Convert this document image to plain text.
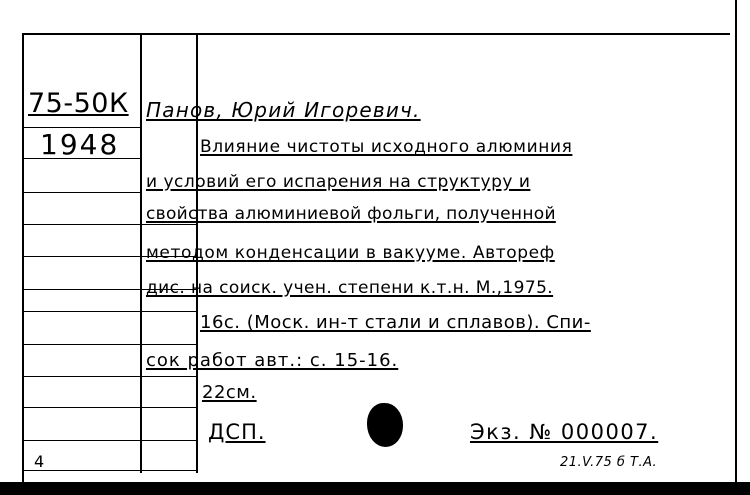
75-50К
1948
Панов, Юрий Игоревич.
Влияние чистоты исходного алюминия
и условий его испарения на структуру и
свойства алюминиевой фольги, полученной
методом конденсации в вакууме. Автореф
дис. на соиск. учен. степени к.т.н. М.,1975.
16с. (Моск. ин-т стали и сплавов). Спи-
сок работ авт.: с. 15-16.
22см.
ДСП.	Экз. № 000007.
4	21.V.75 б Т.А.
